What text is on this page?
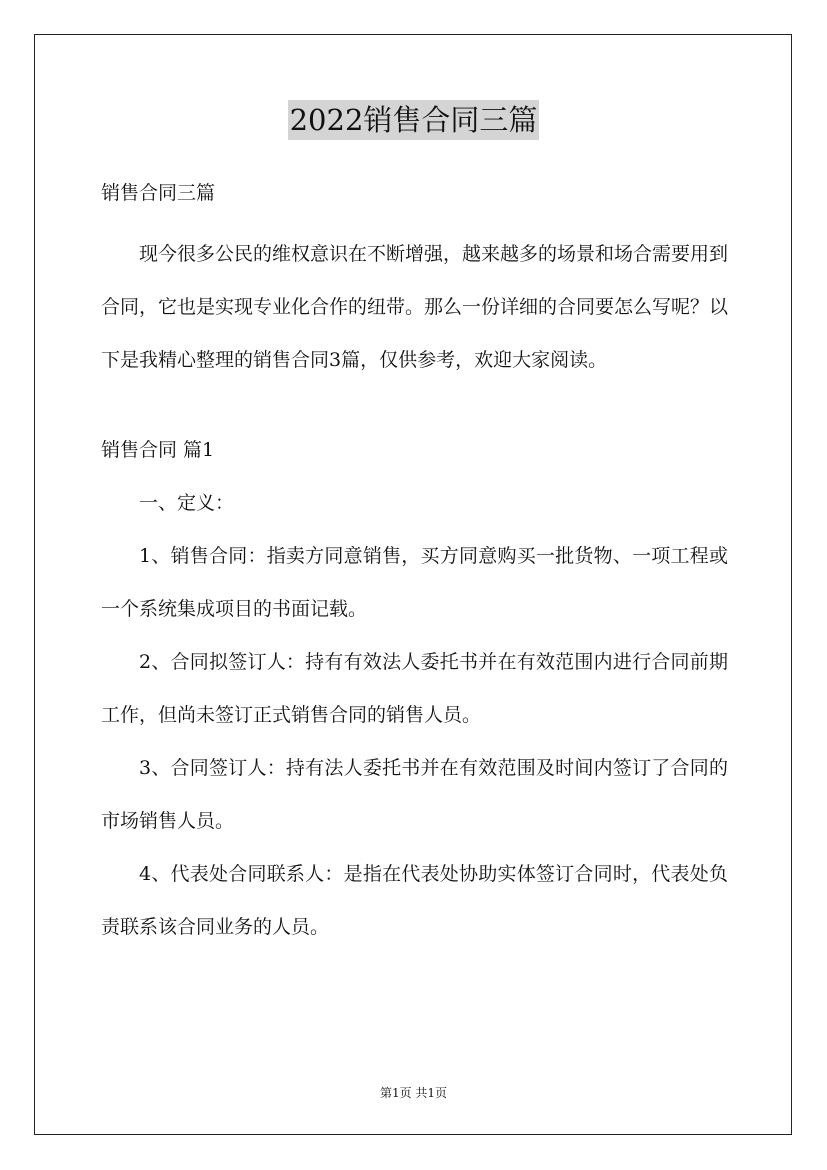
2022销售合同三篇

销售合同三篇

现今很多公民的维权意识在不断增强，越来越多的场景和场合需要用到合同，它也是实现专业化合作的纽带。那么一份详细的合同要怎么写呢？以下是我精心整理的销售合同3篇，仅供参考，欢迎大家阅读。

销售合同 篇1

一、定义：

1、销售合同：指卖方同意销售，买方同意购买一批货物、一项工程或一个系统集成项目的书面记载。

2、合同拟签订人：持有有效法人委托书并在有效范围内进行合同前期工作，但尚未签订正式销售合同的销售人员。

3、合同签订人：持有法人委托书并在有效范围及时间内签订了合同的市场销售人员。

4、代表处合同联系人：是指在代表处协助实体签订合同时，代表处负责联系该合同业务的人员。

第1页 共1页
